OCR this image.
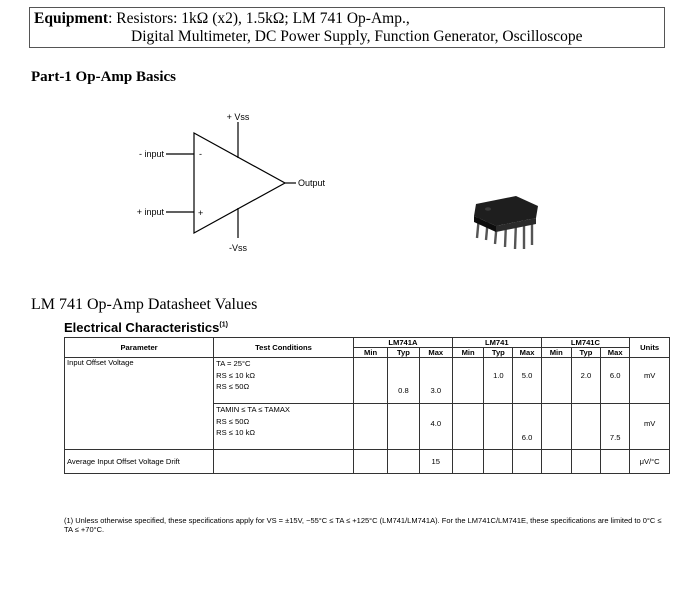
Equipment: Resistors: 1kΩ (x2), 1.5kΩ; LM 741 Op-Amp.,
Digital Multimeter, DC Power Supply, Function Generator, Oscilloscope
Part-1 Op-Amp Basics
+ Vss
-Vss
- input
+ input
Output
-
+
LM 741 Op-Amp Datasheet Values
Electrical Characteristics$^{(1)}$
Parameter	Test Conditions	LM741A			LM741			LM741C			Units
		Min	Typ	Max	Min	Typ	Max	Min	Typ	Max	
Input Offset Voltage	TA = 25°C
RS ≤ 10 kΩ
RS ≤ 50Ω		0.8	3.0		1.0	5.0		2.0	6.0	mV

	TAMIN ≤ TA ≤ TAMAX
RS ≤ 50Ω
RS ≤ 10 kΩ			4.0			6.0			7.5	mV
Average Input Offset Voltage Drift				15							μV/°C
(1) Unless otherwise specified, these specifications apply for VS = ±15V, −55°C ≤ TA ≤ +125°C (LM741/LM741A). For the LM741C/LM741E, these specifications are limited to 0°C ≤ TA ≤ +70°C.
